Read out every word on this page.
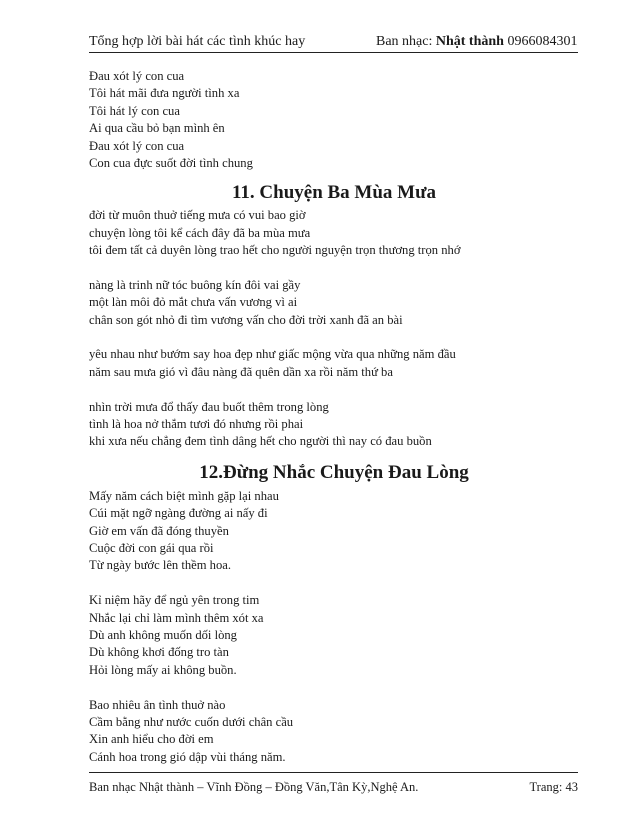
Tổng hợp lời bài hát các tình khúc hay	Ban nhạc: Nhật thành 0966084301
Đau xót lý con cua
Tôi hát mãi đưa người tình xa
Tôi hát lý con cua
Ai qua cầu bỏ bạn mình ên
Đau xót lý con cua
Con cua đực suốt đời tình chung
11. Chuyện Ba Mùa Mưa
đời từ muôn thuở tiếng mưa có vui bao giờ
chuyện lòng tôi kể cách đây đã ba mùa mưa
tôi đem tất cả duyên lòng trao hết cho người nguyện trọn thương trọn nhớ
nàng là trinh nữ tóc buông kín đôi vai gầy
một làn môi đỏ mắt chưa vấn vương vì ai
chân son gót nhỏ đi tìm vương vấn cho đời trời xanh đã an bài
yêu nhau như bướm say hoa đẹp như giấc mộng vừa qua những năm đầu
năm sau mưa gió vì đâu nàng đã quên dần xa rồi năm thứ ba
nhìn trời mưa đổ thấy đau buốt thêm trong lòng
tình là hoa nở thắm tươi đó nhưng rồi phai
khi xưa nếu chẳng đem tình dâng hết cho người thì nay có đau buồn
12.Đừng Nhắc Chuyện Đau Lòng
Mấy năm cách biệt mình gặp lại nhau
Cúi mặt ngỡ ngàng đường ai nấy đi
Giờ em vấn đã đóng thuyền
Cuộc đời con gái qua rồi
Từ ngày bước lên thềm hoa.
Kỉ niệm hãy để ngủ yên trong tim
Nhắc lại chỉ làm mình thêm xót xa
Dù anh không muốn dối lòng
Dù không khơi đống tro tàn
Hỏi lòng mấy ai không buồn.
Bao nhiêu ân tình thuở nào
Cầm bằng như nước cuốn dưới chân cầu
Xin anh hiểu cho đời em
Cánh hoa trong gió dập vùi tháng năm.
Ban nhạc Nhật thành – Vĩnh Đồng – Đồng Văn,Tân Kỳ,Nghệ An.	Trang: 43
